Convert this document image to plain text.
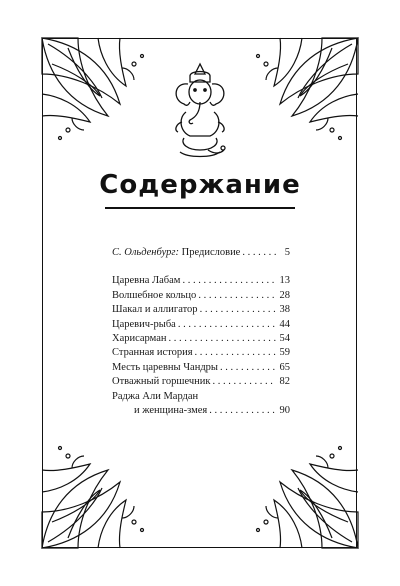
Содержание
С. Ольденбург: Предисловие . . .	5
Царевна Лабам . . .	13
Волшебное кольцо . . .	28
Шакал и аллигатор . . .	38
Царевич-рыба . . .	44
Харисарман . . .	54
Странная история . . .	59
Месть царевны Чандры . . .	65
Отважный горшечник . . .	82
Раджа Али Мардан
и женщина-змея . . .	90
